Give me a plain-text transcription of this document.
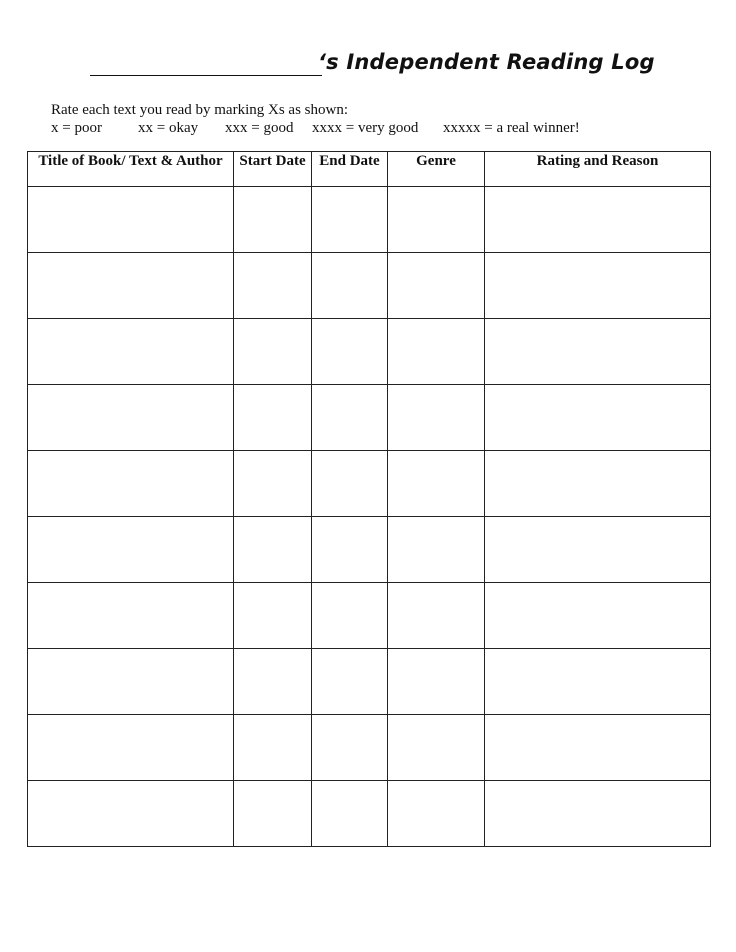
‘s Independent Reading Log
Rate each text you read by marking Xs as shown:
x = poor xx = okay xxx = good xxxx = very good xxxxx = a real winner!
Title of Book/ Text & Author	Start Date	End Date	Genre	Rating and Reason
